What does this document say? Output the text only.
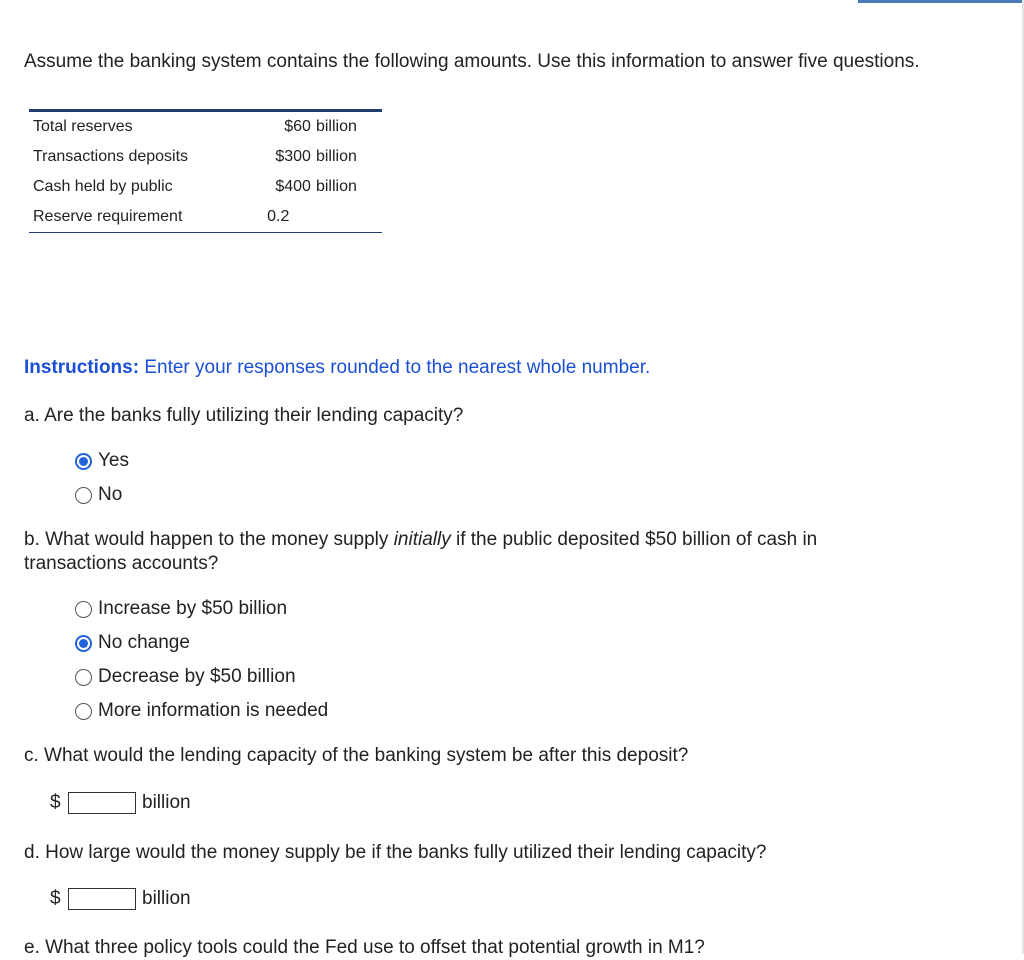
Assume the banking system contains the following amounts. Use this information to answer five questions.
Total reserves	$60	billion
Transactions deposits	$300	billion
Cash held by public	$400	billion
Reserve requirement	0.2	
Instructions: Enter your responses rounded to the nearest whole number.
a. Are the banks fully utilizing their lending capacity?
Yes
No
b. What would happen to the money supply initially if the public deposited $50 billion of cash in transactions accounts?
Increase by $50 billion
No change
Decrease by $50 billion
More information is needed
c. What would the lending capacity of the banking system be after this deposit?
$	billion
d. How large would the money supply be if the banks fully utilized their lending capacity?
$	billion
e. What three policy tools could the Fed use to offset that potential growth in M1?
